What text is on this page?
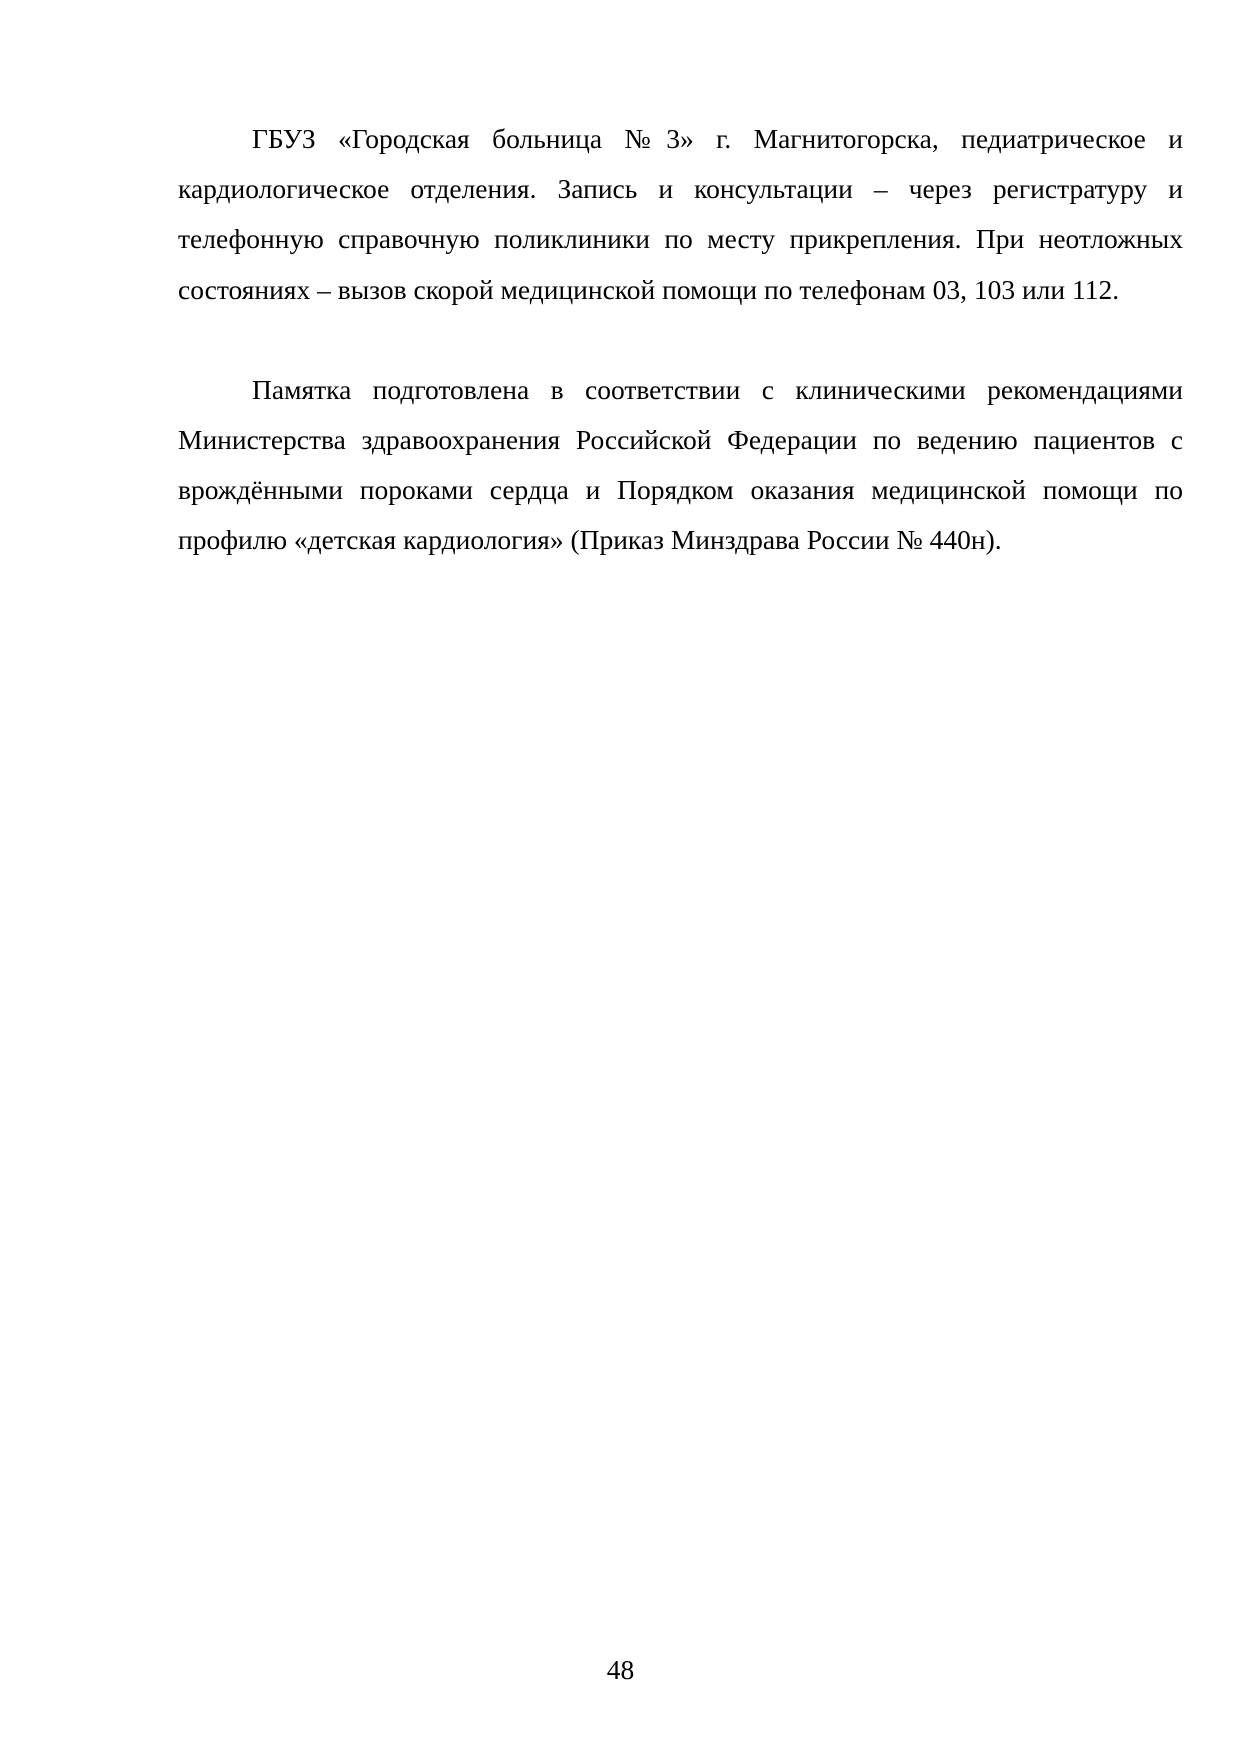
ГБУЗ «Городская больница №3» г. Магнитогорска, педиатрическое и кардиологическое отделения. Запись и консультации – через регистратуру и телефонную справочную поликлиники по месту прикрепления. При неотложных состояниях – вызов скорой медицинской помощи по телефонам 03, 103 или 112.

Памятка подготовлена в соответствии с клиническими рекомендациями Министерства здравоохранения Российской Федерации по ведению пациентов с врождёнными пороками сердца и Порядком оказания медицинской помощи по профилю «детская кардиология» (Приказ Минздрава России № 440н).

48
